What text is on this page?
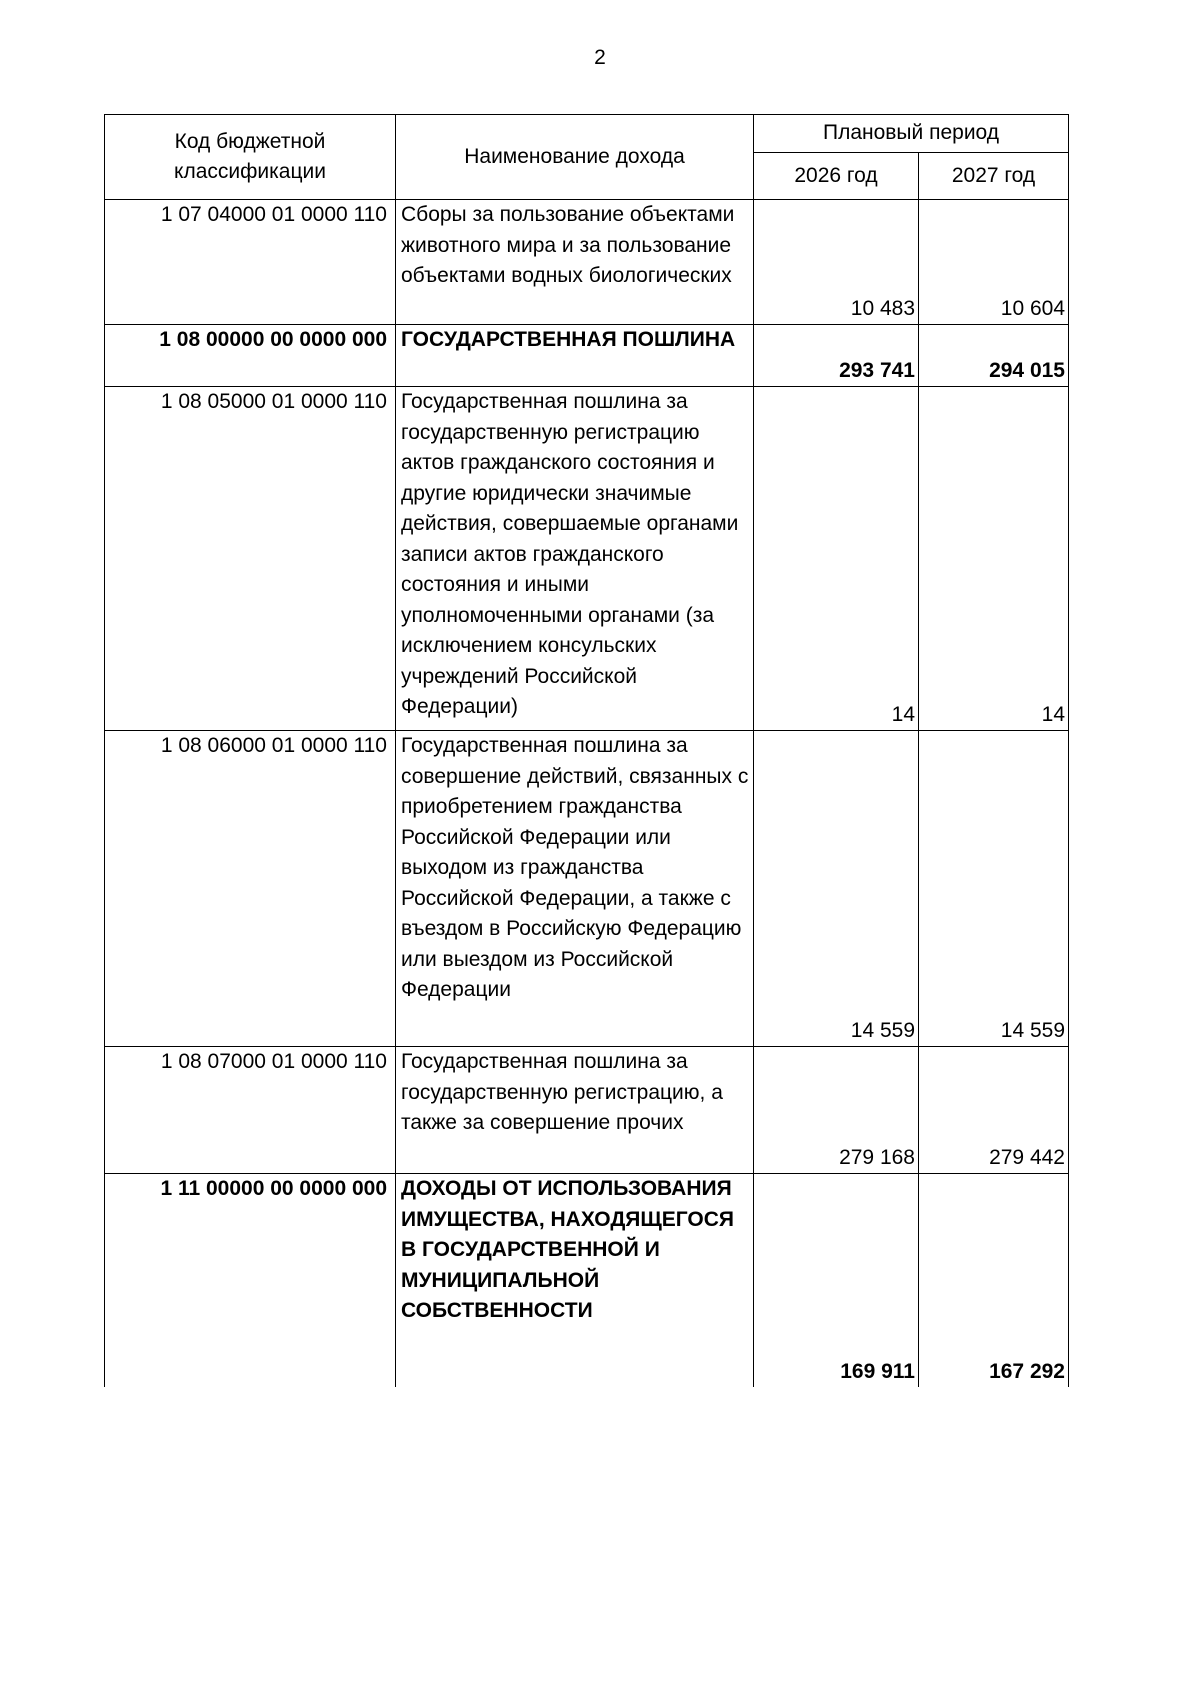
2
Код бюджетной классификации	Наименование дохода	Плановый период	
		2026 год	2027 год
1 07 04000 01 0000 110	Сборы за пользование объектами животного мира и за пользование объектами водных биологических	10 483	10 604
1 08 00000 00 0000 000	ГОСУДАРСТВЕННАЯ ПОШЛИНА	293 741	294 015
1 08 05000 01 0000 110	Государственная пошлина за государственную регистрацию актов гражданского состояния и другие юридически значимые действия, совершаемые органами записи актов гражданского состояния и иными уполномоченными органами (за исключением консульских учреждений Российской Федерации)	14	14
1 08 06000 01 0000 110	Государственная пошлина за совершение действий, связанных с приобретением гражданства Российской Федерации или выходом из гражданства Российской Федерации, а также с въездом в Российскую Федерацию или выездом из Российской Федерации	14 559	14 559
1 08 07000 01 0000 110	Государственная пошлина за государственную регистрацию, а также за совершение прочих	279 168	279 442
1 11 00000 00 0000 000	ДОХОДЫ ОТ ИСПОЛЬЗОВАНИЯ ИМУЩЕСТВА, НАХОДЯЩЕГОСЯ В ГОСУДАРСТВЕННОЙ И МУНИЦИПАЛЬНОЙ СОБСТВЕННОСТИ	169 911	167 292
